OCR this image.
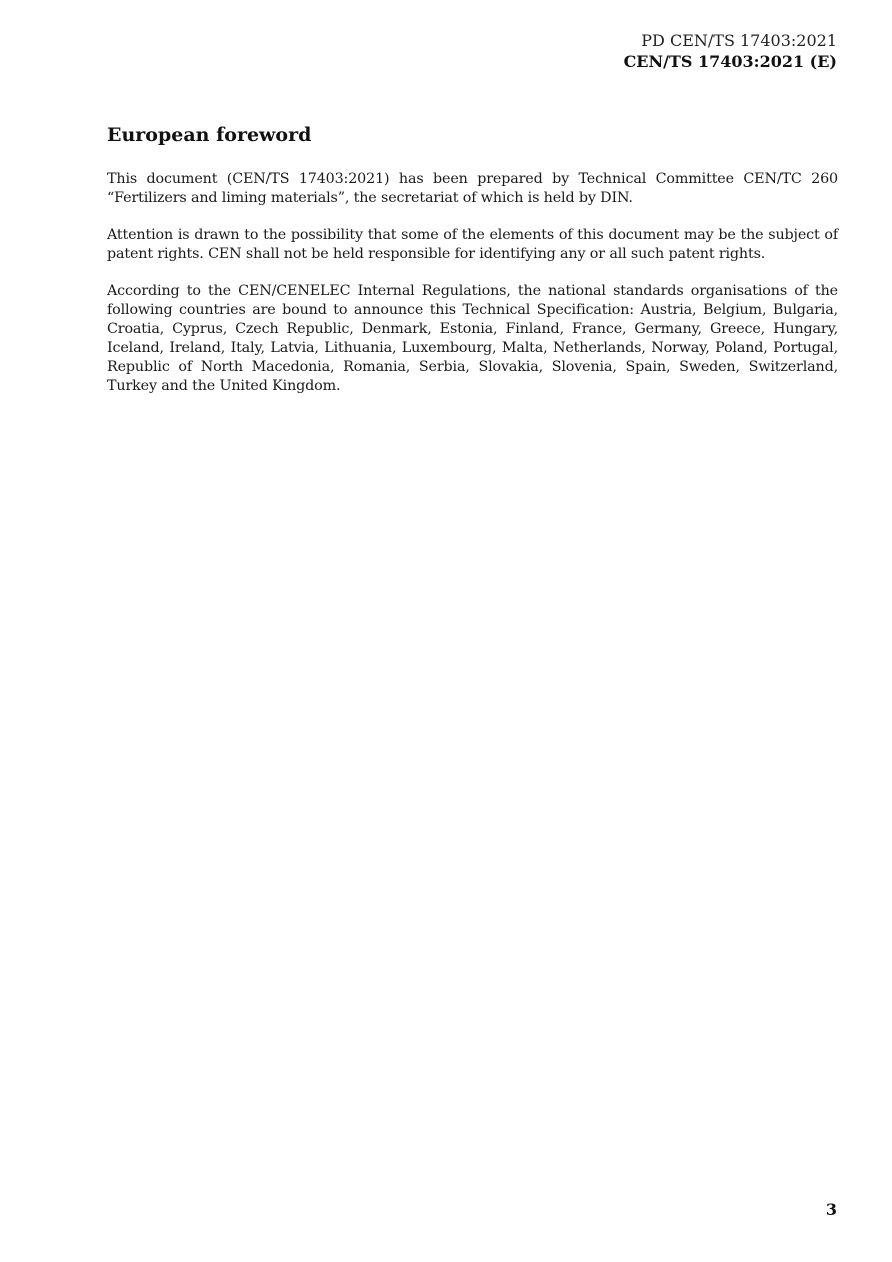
PD CEN/TS 17403:2021
CEN/TS 17403:2021 (E)
European foreword

This document (CEN/TS 17403:2021) has been prepared by Technical Committee CEN/TC 260 “Fertilizers and liming materials”, the secretariat of which is held by DIN.

Attention is drawn to the possibility that some of the elements of this document may be the subject of patent rights. CEN shall not be held responsible for identifying any or all such patent rights.

According to the CEN/CENELEC Internal Regulations, the national standards organisations of the following countries are bound to announce this Technical Specification: Austria, Belgium, Bulgaria, Croatia, Cyprus, Czech Republic, Denmark, Estonia, Finland, France, Germany, Greece, Hungary, Iceland, Ireland, Italy, Latvia, Lithuania, Luxembourg, Malta, Netherlands, Norway, Poland, Portugal, Republic of North Macedonia, Romania, Serbia, Slovakia, Slovenia, Spain, Sweden, Switzerland, Turkey and the United Kingdom.

3
